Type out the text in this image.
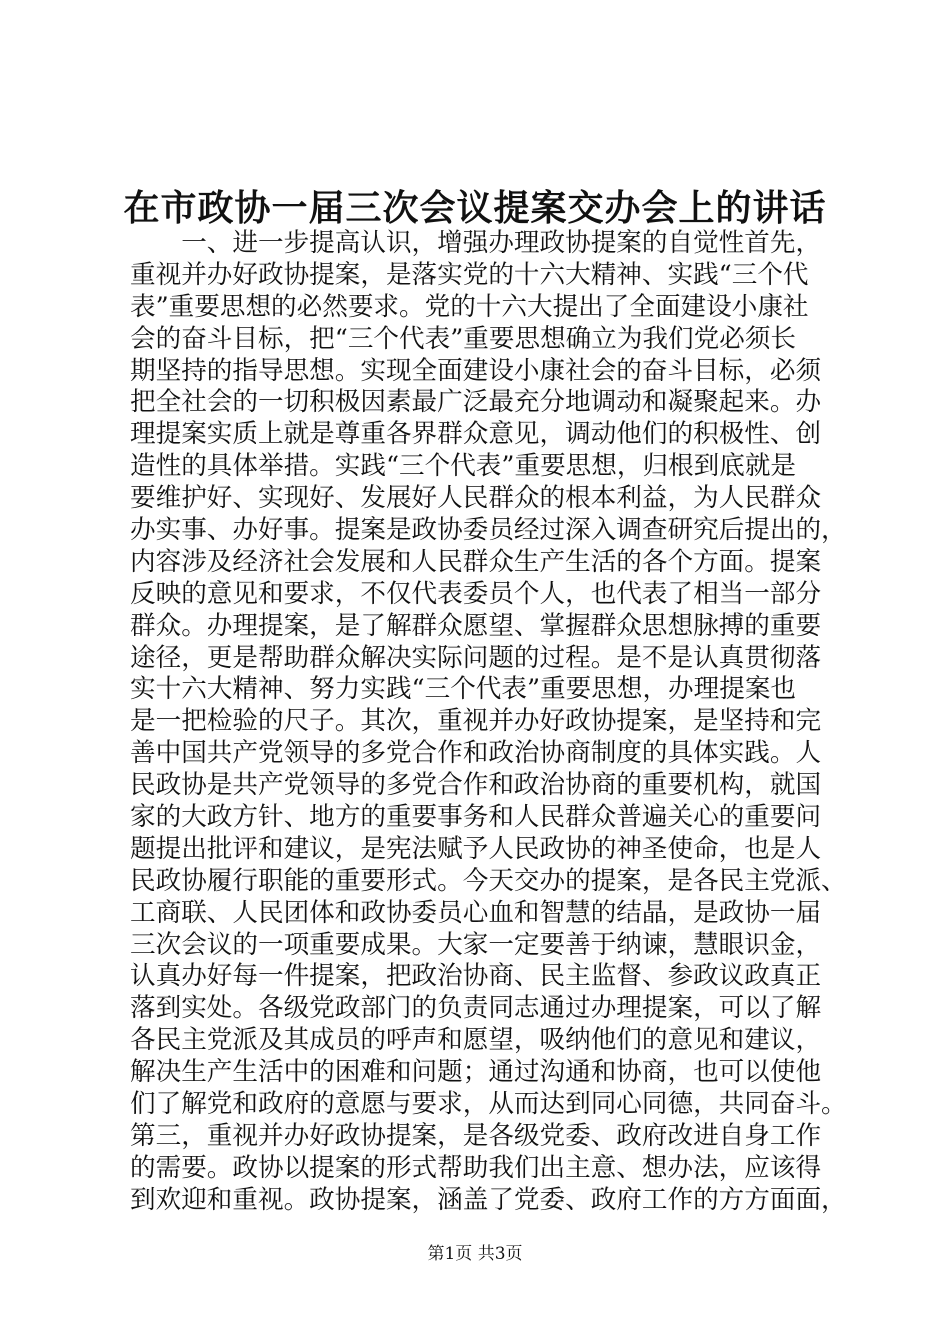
在市政协一届三次会议提案交办会上的讲话
　　一、进一步提高认识，增强办理政协提案的自觉性首先，
重视并办好政协提案，是落实党的十六大精神、实践“三个代
表”重要思想的必然要求。党的十六大提出了全面建设小康社
会的奋斗目标，把“三个代表”重要思想确立为我们党必须长
期坚持的指导思想。实现全面建设小康社会的奋斗目标，必须
把全社会的一切积极因素最广泛最充分地调动和凝聚起来。办
理提案实质上就是尊重各界群众意见，调动他们的积极性、创
造性的具体举措。实践“三个代表”重要思想，归根到底就是
要维护好、实现好、发展好人民群众的根本利益，为人民群众
办实事、办好事。提案是政协委员经过深入调查研究后提出的，
内容涉及经济社会发展和人民群众生产生活的各个方面。提案
反映的意见和要求，不仅代表委员个人，也代表了相当一部分
群众。办理提案，是了解群众愿望、掌握群众思想脉搏的重要
途径，更是帮助群众解决实际问题的过程。是不是认真贯彻落
实十六大精神、努力实践“三个代表”重要思想，办理提案也
是一把检验的尺子。其次，重视并办好政协提案，是坚持和完
善中国共产党领导的多党合作和政治协商制度的具体实践。人
民政协是共产党领导的多党合作和政治协商的重要机构，就国
家的大政方针、地方的重要事务和人民群众普遍关心的重要问
题提出批评和建议，是宪法赋予人民政协的神圣使命，也是人
民政协履行职能的重要形式。今天交办的提案，是各民主党派、
工商联、人民团体和政协委员心血和智慧的结晶，是政协一届
三次会议的一项重要成果。大家一定要善于纳谏，慧眼识金，
认真办好每一件提案，把政治协商、民主监督、参政议政真正
落到实处。各级党政部门的负责同志通过办理提案，可以了解
各民主党派及其成员的呼声和愿望，吸纳他们的意见和建议，
解决生产生活中的困难和问题；通过沟通和协商，也可以使他
们了解党和政府的意愿与要求，从而达到同心同德，共同奋斗。
第三，重视并办好政协提案，是各级党委、政府改进自身工作
的需要。政协以提案的形式帮助我们出主意、想办法，应该得
到欢迎和重视。政协提案，涵盖了党委、政府工作的方方面面，
第1页 共3页
